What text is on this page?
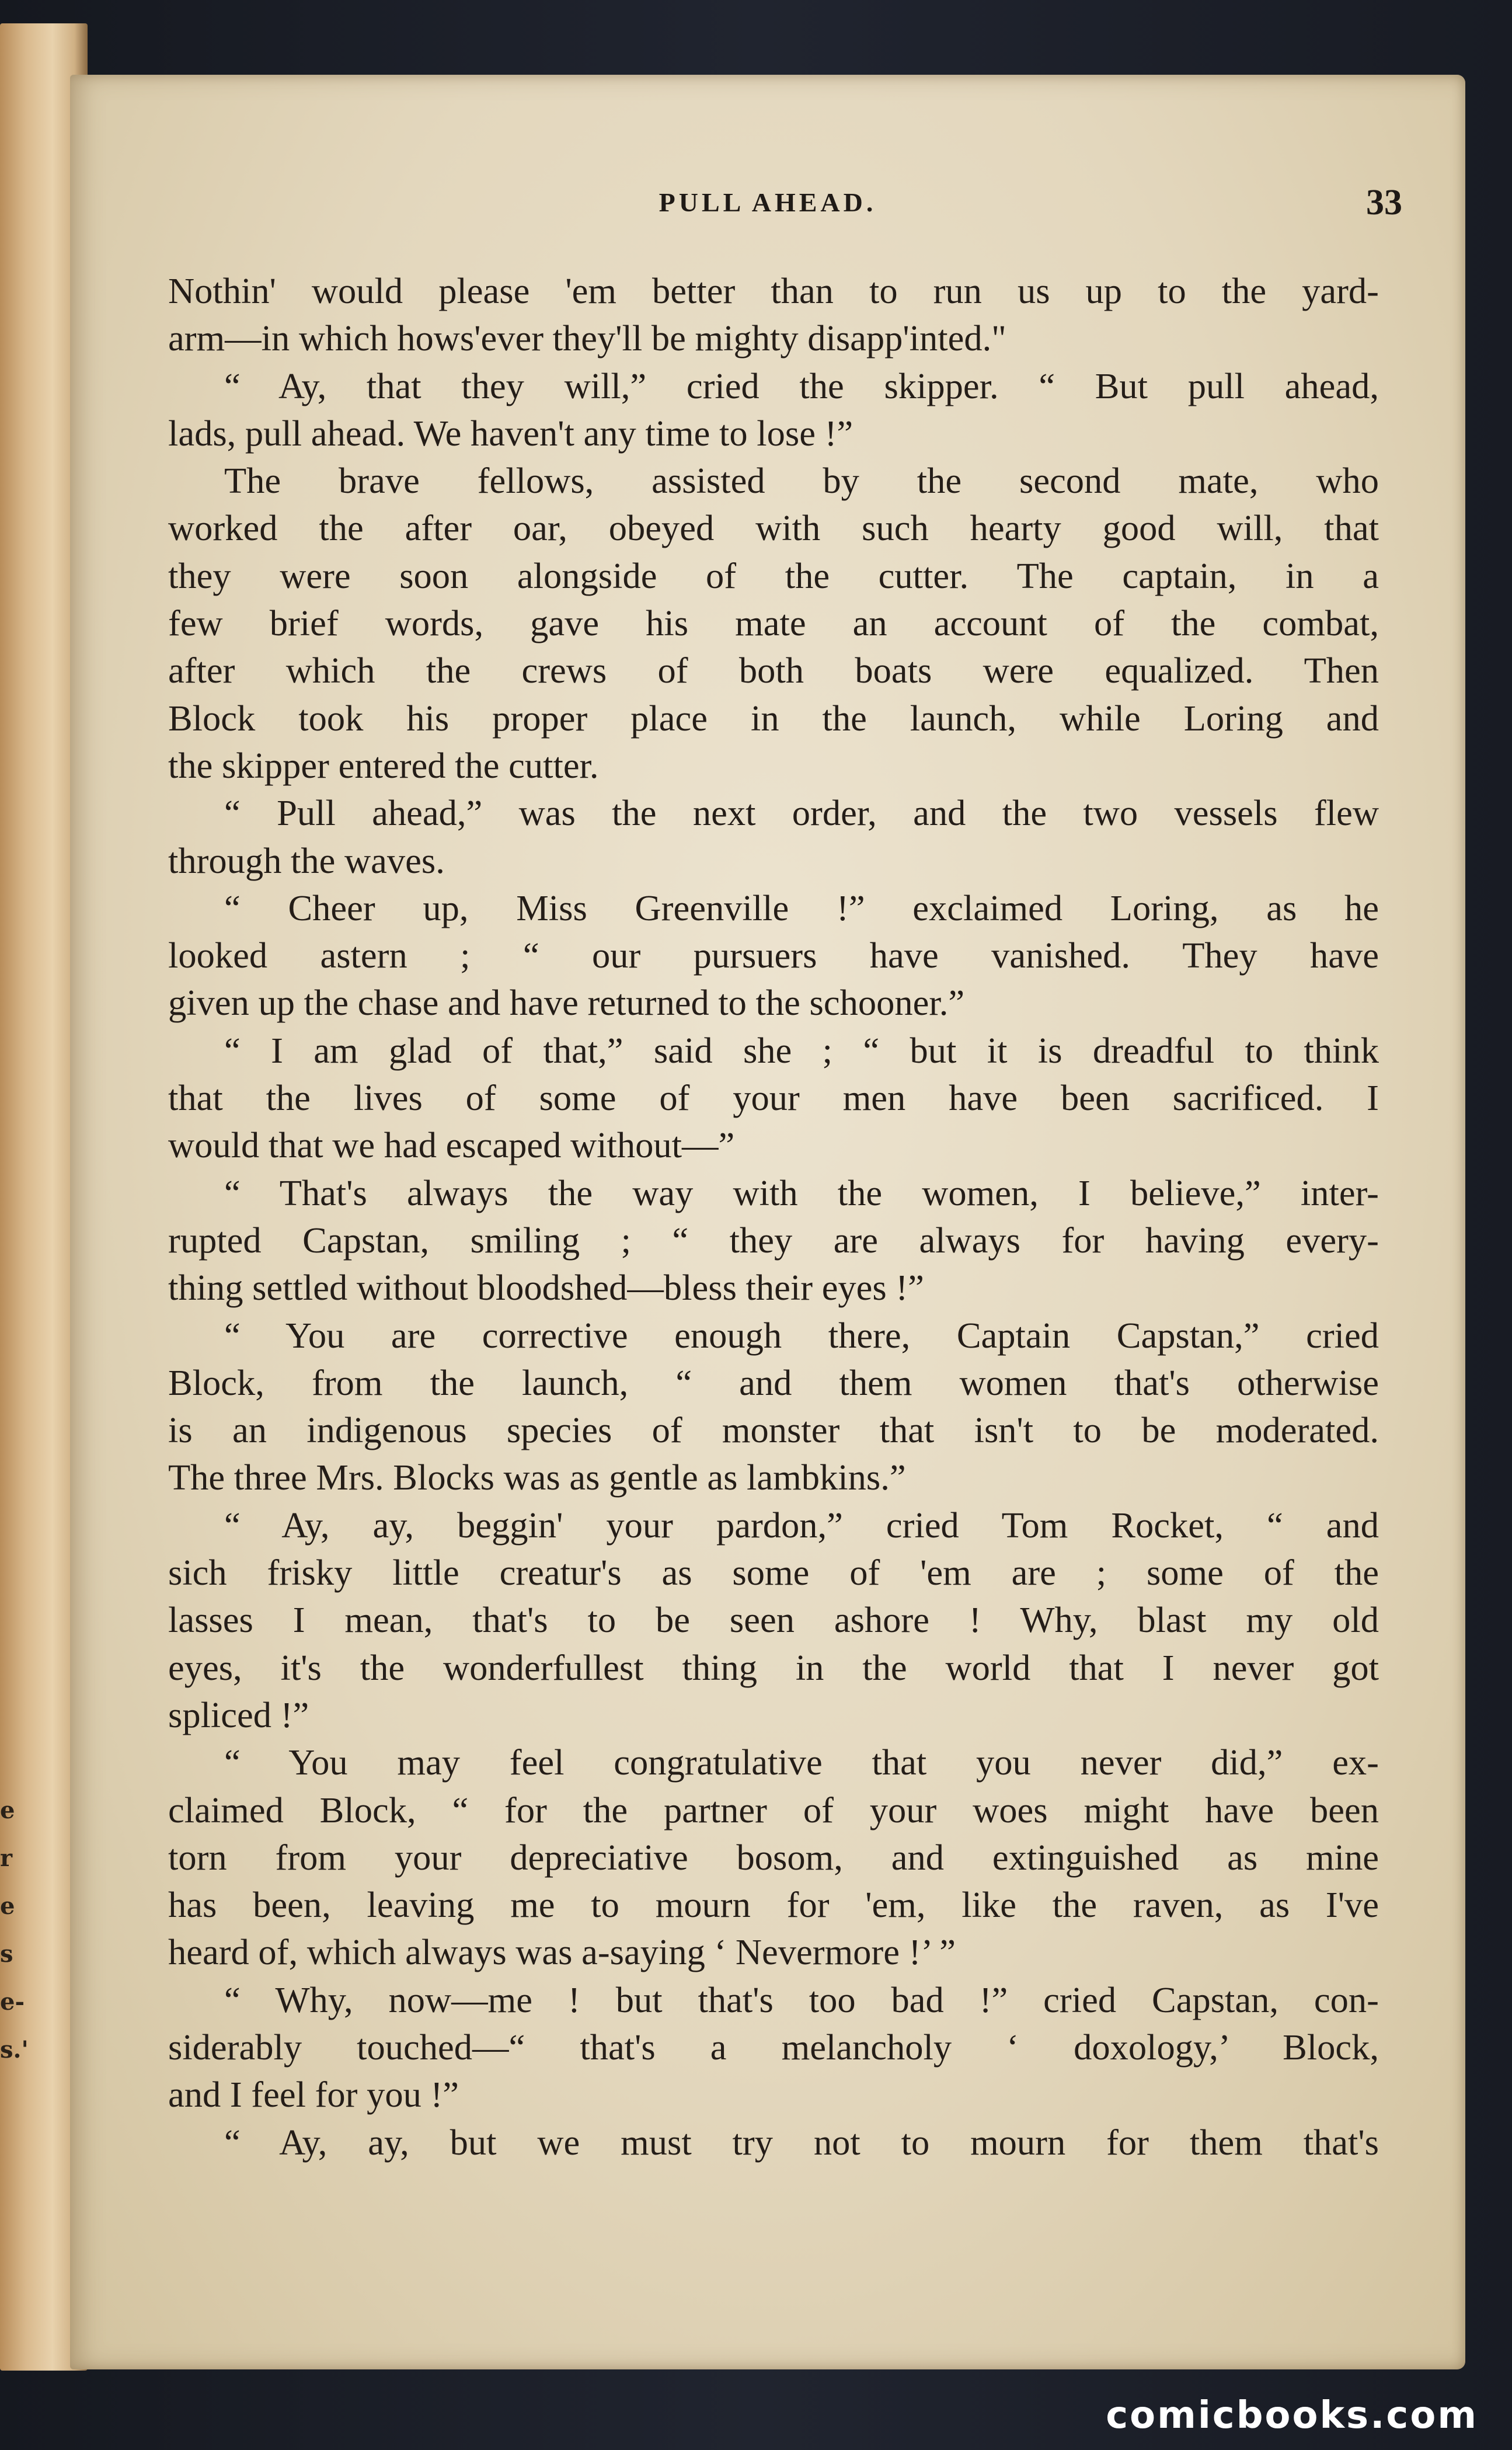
e
r
e
s
e-
s.'
PULL AHEAD.	33
Nothin' would please 'em better than to run us up to the yard-
arm—in which hows'ever they'll be mighty disapp'inted."
“ Ay, that they will,” cried the skipper. “ But pull ahead,
lads, pull ahead. We haven't any time to lose !”
The brave fellows, assisted by the second mate, who
worked the after oar, obeyed with such hearty good will, that
they were soon alongside of the cutter. The captain, in a
few brief words, gave his mate an account of the combat,
after which the crews of both boats were equalized. Then
Block took his proper place in the launch, while Loring and
the skipper entered the cutter.
“ Pull ahead,” was the next order, and the two vessels flew
through the waves.
“ Cheer up, Miss Greenville !” exclaimed Loring, as he
looked astern ; “ our pursuers have vanished. They have
given up the chase and have returned to the schooner.”
“ I am glad of that,” said she ; “ but it is dreadful to think
that the lives of some of your men have been sacrificed. I
would that we had escaped without—”
“ That's always the way with the women, I believe,” inter-
rupted Capstan, smiling ; “ they are always for having every-
thing settled without bloodshed—bless their eyes !”
“ You are corrective enough there, Captain Capstan,” cried
Block, from the launch, “ and them women that's otherwise
is an indigenous species of monster that isn't to be moderated.
The three Mrs. Blocks was as gentle as lambkins.”
“ Ay, ay, beggin' your pardon,” cried Tom Rocket, “ and
sich frisky little creatur's as some of 'em are ; some of the
lasses I mean, that's to be seen ashore ! Why, blast my old
eyes, it's the wonderfullest thing in the world that I never got
spliced !”
“ You may feel congratulative that you never did,” ex-
claimed Block, “ for the partner of your woes might have been
torn from your depreciative bosom, and extinguished as mine
has been, leaving me to mourn for 'em, like the raven, as I've
heard of, which always was a-saying ‘ Nevermore !’ ”
“ Why, now—me ! but that's too bad !” cried Capstan, con-
siderably touched—“ that's a melancholy ‘ doxology,’ Block,
and I feel for you !”
“ Ay, ay, but we must try not to mourn for them that's
comicbooks.com
